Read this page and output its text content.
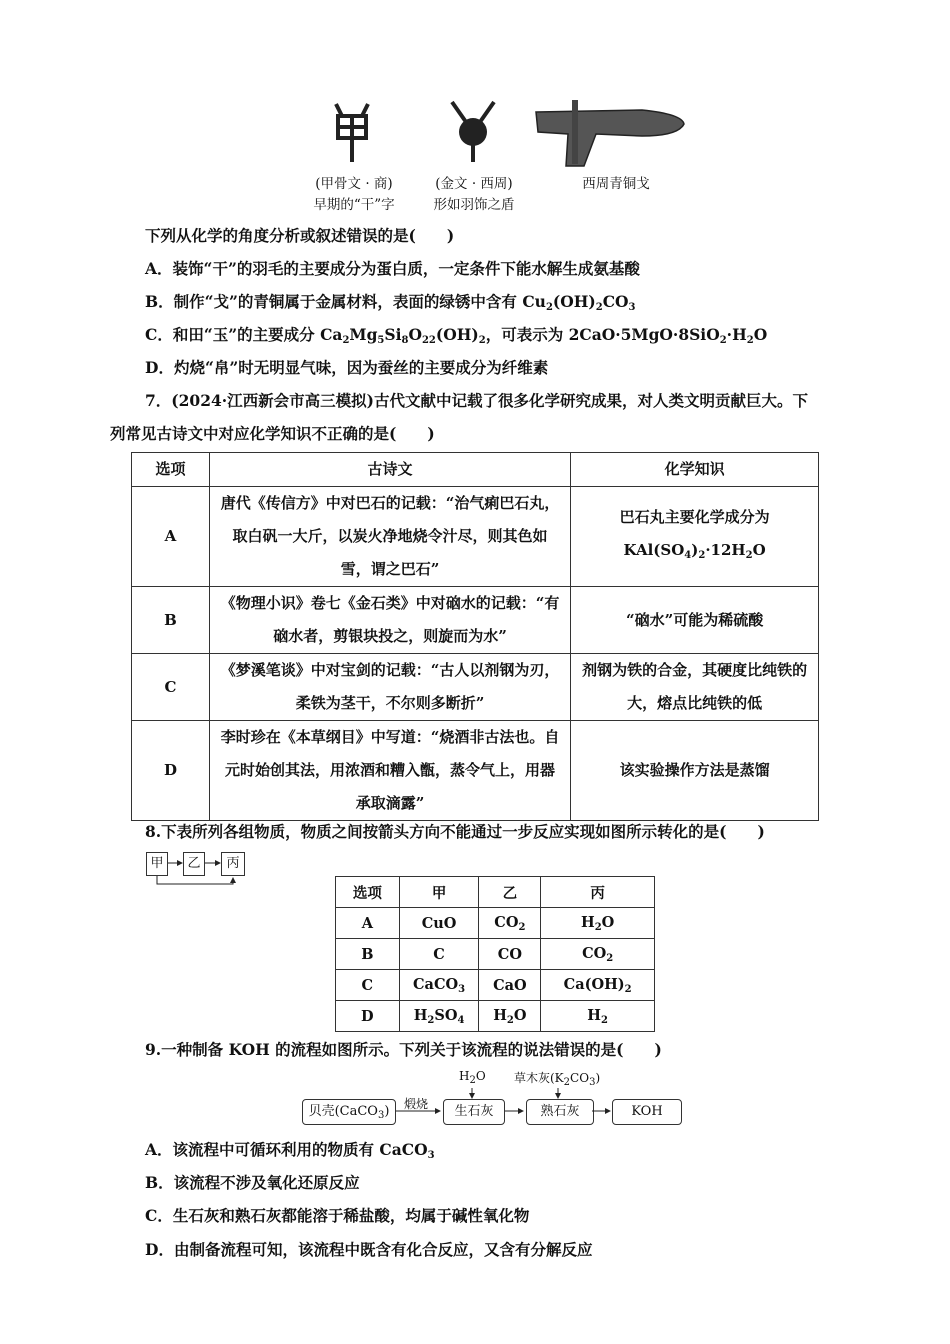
(甲骨文 · 商)
早期的“干”字
(金文 · 西周)
形如羽饰之盾
西周青铜戈
下列从化学的角度分析或叙述错误的是(　　)
A．装饰“干”的羽毛的主要成分为蛋白质，一定条件下能水解生成氨基酸
B．制作“戈”的青铜属于金属材料，表面的绿锈中含有 $Cu_2(OH)_2CO_3$
C．和田“玉”的主要成分 $Ca_2Mg_5Si_8O_{22}(OH)_2$，可表示为 $2CaO\cdot 5MgO\cdot 8SiO_2\cdot H_2O$
D．灼烧“帛”时无明显气味，因为蚕丝的主要成分为纤维素
7．(2024·江西新会市高三模拟)古代文献中记载了很多化学研究成果，对人类文明贡献巨大。下
列常见古诗文中对应化学知识不正确的是(　　)
选项	古诗文	化学知识
A	唐代《传信方》中对巴石的记载：“治气痢巴石丸，取白矾一大斤，以炭火净地烧令汁尽，则其色如雪，谓之巴石”	巴石丸主要化学成分为
$KAl(SO_4)_2\cdot 12H_2O$

B	《物理小识》卷七《金石类》中对硇水的记载：“有硇水者，剪银块投之，则旋而为水”	“硇水”可能为稀硫酸
C	《梦溪笔谈》中对宝剑的记载：“古人以剂钢为刃，柔铁为茎干，不尔则多断折”	剂钢为铁的合金，其硬度比纯铁的大，熔点比纯铁的低
D	李时珍在《本草纲目》中写道：“烧酒非古法也。自元时始创其法，用浓酒和糟入甑，蒸令气上，用器承取滴露”	该实验操作方法是蒸馏
8.下表所列各组物质，物质之间按箭头方向不能通过一步反应实现如图所示转化的是(　　)
甲	乙	丙
选项	甲	乙	丙
A	CuO	$CO_2$	$H_2O$
B	C	CO	$CO_2$
C	CaCO$_3$	CaO	$Ca(OH)_2$
D	$H_2SO_4$	$H_2O$	$H_2$
9.一种制备 KOH 的流程如图所示。下列关于该流程的说法错误的是(　　)
$H_2O$ 草木灰$(K_2CO_3)$
贝壳(CaCO$_3$)	煅烧	生石灰	熟石灰	KOH
A．该流程中可循环利用的物质有 CaCO$_3$
B．该流程不涉及氧化还原反应
C．生石灰和熟石灰都能溶于稀盐酸，均属于碱性氧化物
D．由制备流程可知，该流程中既含有化合反应，又含有分解反应
